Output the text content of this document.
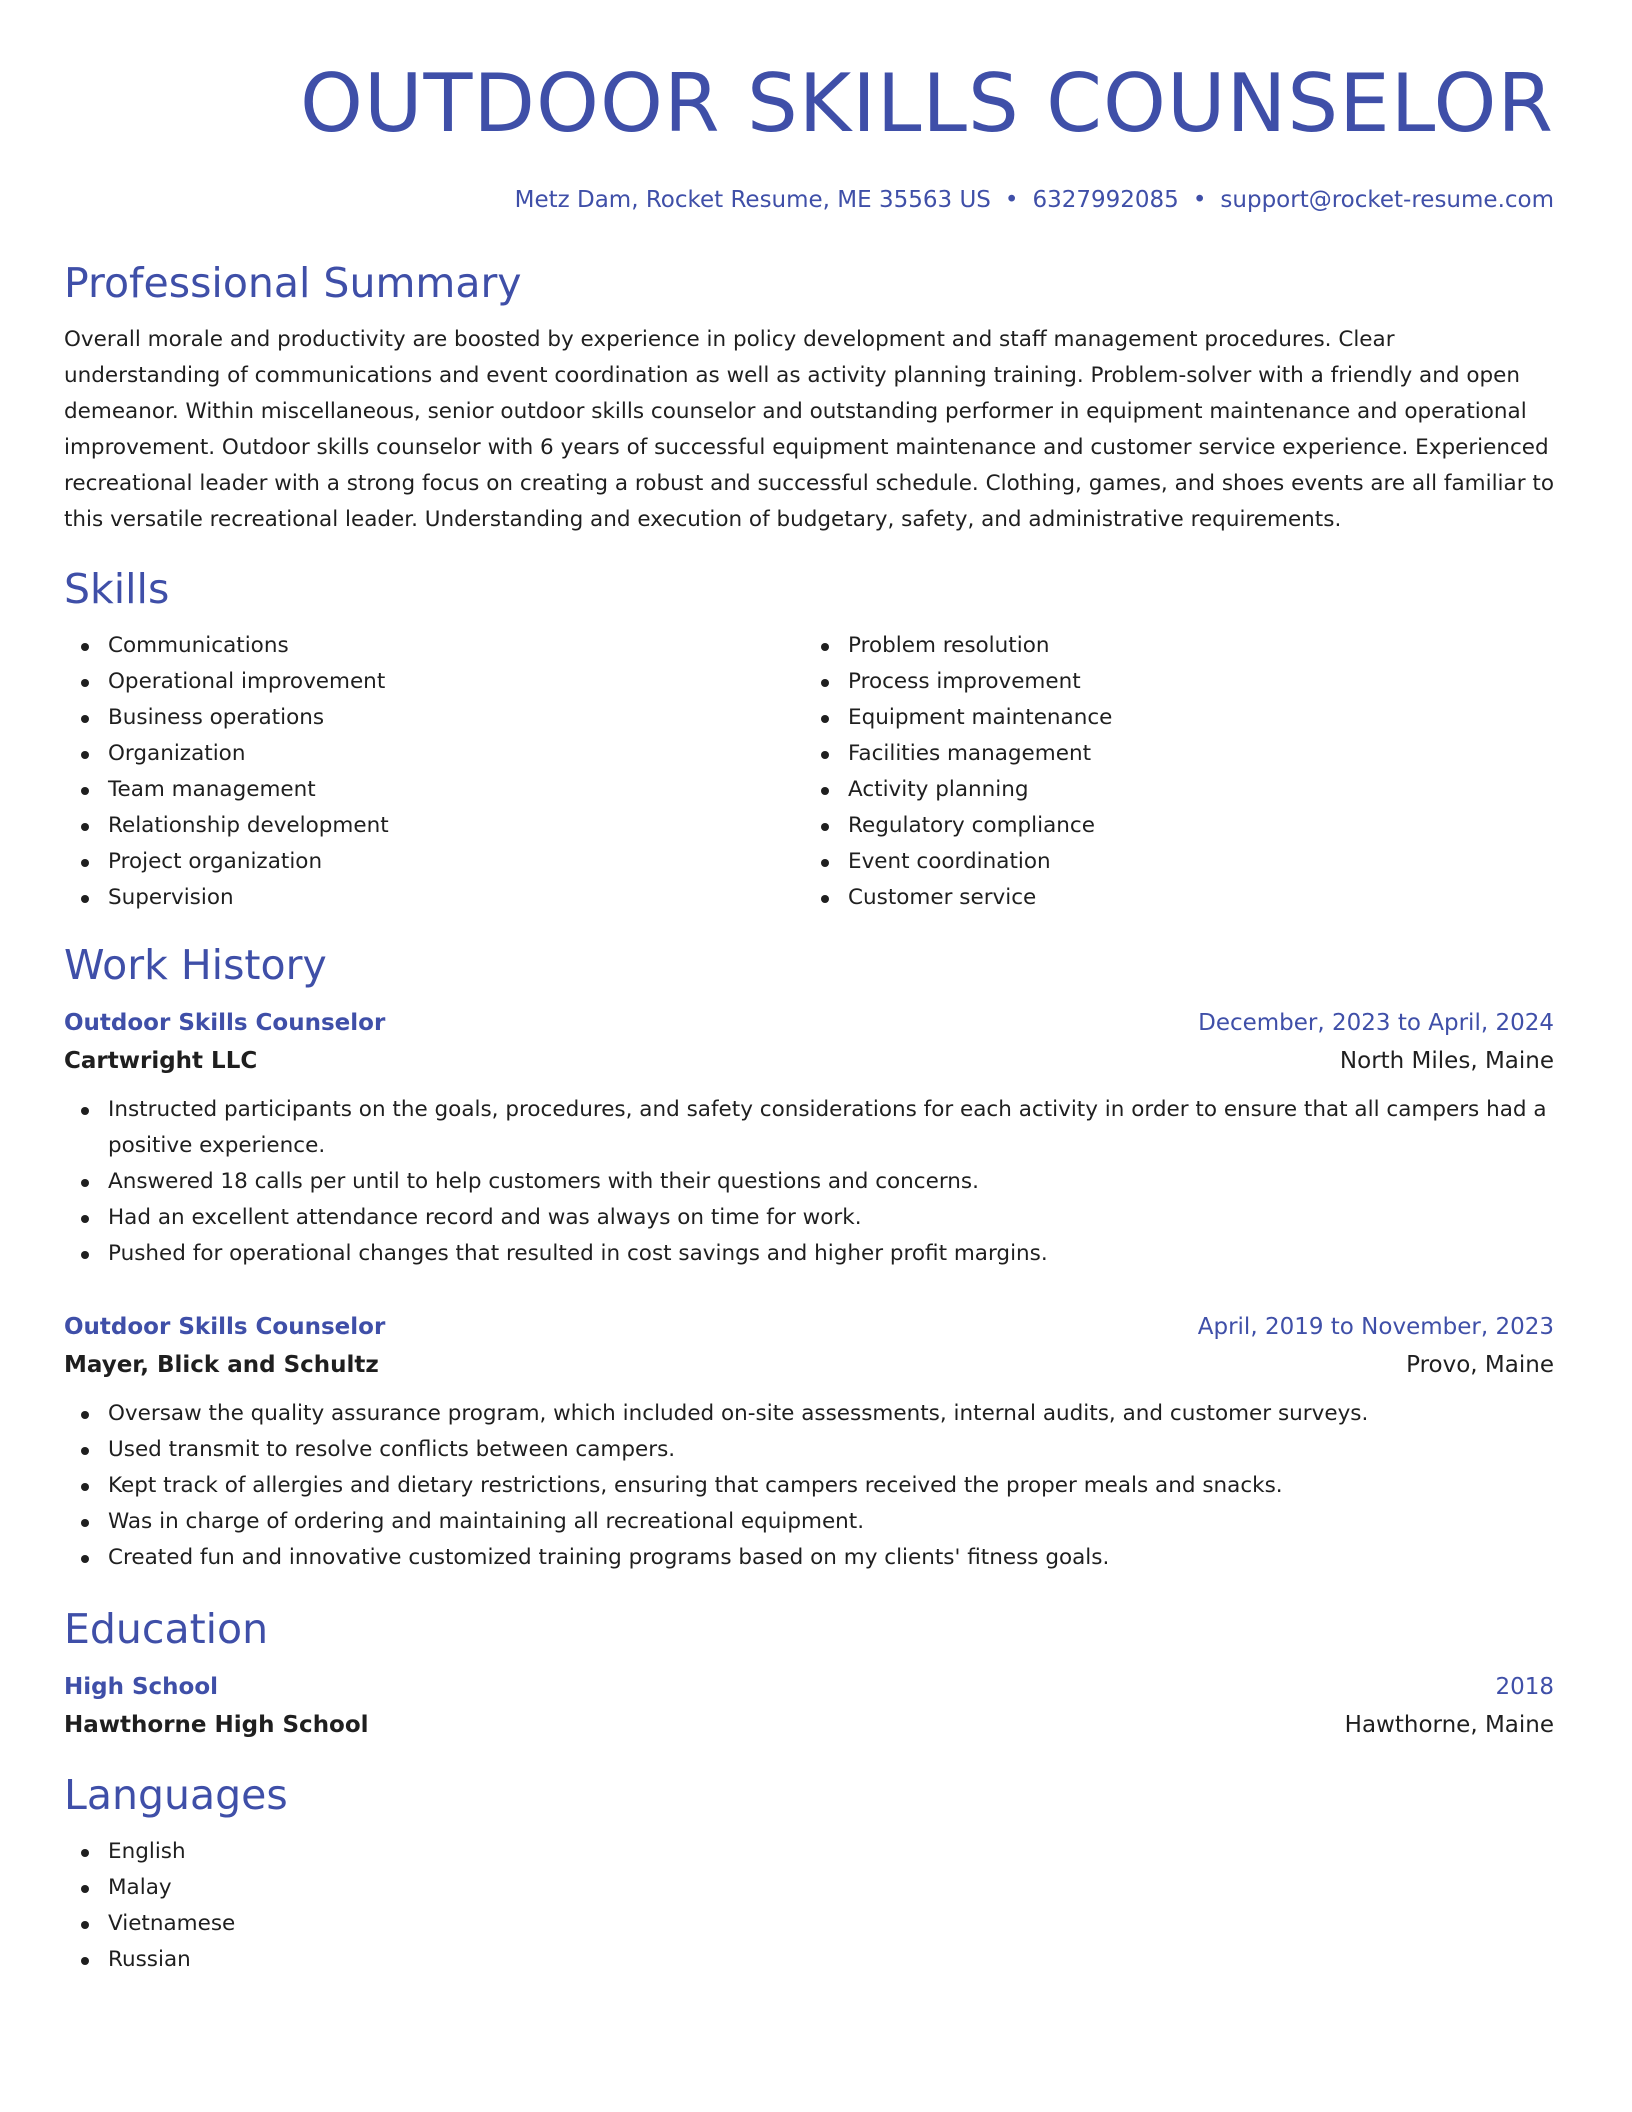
OUTDOOR SKILLS COUNSELOR
Metz Dam, Rocket Resume, ME 35563 US • 6327992085 • support@rocket-resume.com
Professional Summary

Overall morale and productivity are boosted by experience in policy development and staff management procedures. Clear understanding of communications and event coordination as well as activity planning training. Problem-solver with a friendly and open demeanor. Within miscellaneous, senior outdoor skills counselor and outstanding performer in equipment maintenance and operational improvement. Outdoor skills counselor with 6 years of successful equipment maintenance and customer service experience. Experienced recreational leader with a strong focus on creating a robust and successful schedule. Clothing, games, and shoes events are all familiar to this versatile recreational leader. Understanding and execution of budgetary, safety, and administrative requirements.

Skills
Communications
Operational improvement
Business operations
Organization
Team management
Relationship development
Project organization
Supervision
Problem resolution
Process improvement
Equipment maintenance
Facilities management
Activity planning
Regulatory compliance
Event coordination
Customer service
Work History
Outdoor Skills Counselor	December, 2023 to April, 2024
Cartwright LLC	North Miles, Maine
Instructed participants on the goals, procedures, and safety considerations for each activity in order to ensure that all campers had a positive experience.
Answered 18 calls per until to help customers with their questions and concerns.
Had an excellent attendance record and was always on time for work.
Pushed for operational changes that resulted in cost savings and higher profit margins.
Outdoor Skills Counselor	April, 2019 to November, 2023
Mayer, Blick and Schultz	Provo, Maine
Oversaw the quality assurance program, which included on-site assessments, internal audits, and customer surveys.
Used transmit to resolve conflicts between campers.
Kept track of allergies and dietary restrictions, ensuring that campers received the proper meals and snacks.
Was in charge of ordering and maintaining all recreational equipment.
Created fun and innovative customized training programs based on my clients' fitness goals.
Education
High School	2018
Hawthorne High School	Hawthorne, Maine
Languages
English
Malay
Vietnamese
Russian
